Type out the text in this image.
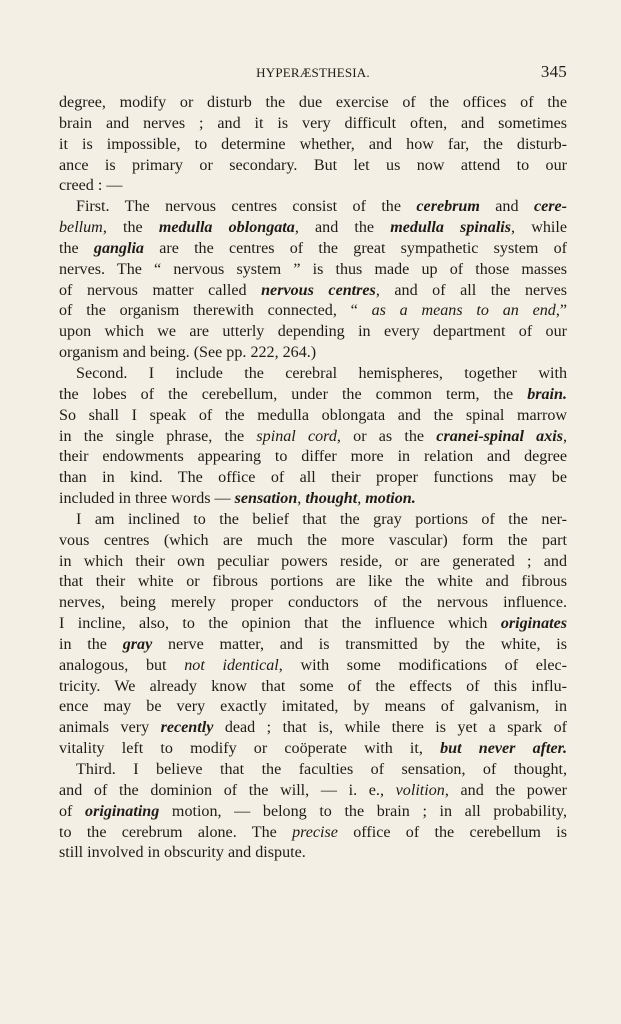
HYPERÆSTHESIA.	345
degree, modify or disturb the due exercise of the offices of the
brain and nerves ; and it is very difficult often, and sometimes
it is impossible, to determine whether, and how far, the disturb-
ance is primary or secondary. But let us now attend to our
creed : —
First. The nervous centres consist of the cerebrum and cere-
bellum, the medulla oblongata, and the medulla spinalis, while
the ganglia are the centres of the great sympathetic system of
nerves. The “ nervous system ” is thus made up of those masses
of nervous matter called nervous centres, and of all the nerves
of the organism therewith connected, “ as a means to an end,”
upon which we are utterly depending in every department of our
organism and being. (See pp. 222, 264.)
Second. I include the cerebral hemispheres, together with
the lobes of the cerebellum, under the common term, the brain.
So shall I speak of the medulla oblongata and the spinal marrow
in the single phrase, the spinal cord, or as the cranei-spinal axis,
their endowments appearing to differ more in relation and degree
than in kind. The office of all their proper functions may be
included in three words — sensation, thought, motion.
I am inclined to the belief that the gray portions of the ner-
vous centres (which are much the more vascular) form the part
in which their own peculiar powers reside, or are generated ; and
that their white or fibrous portions are like the white and fibrous
nerves, being merely proper conductors of the nervous influence.
I incline, also, to the opinion that the influence which originates
in the gray nerve matter, and is transmitted by the white, is
analogous, but not identical, with some modifications of elec-
tricity. We already know that some of the effects of this influ-
ence may be very exactly imitated, by means of galvanism, in
animals very recently dead ; that is, while there is yet a spark of
vitality left to modify or coöperate with it, but never after.
Third. I believe that the faculties of sensation, of thought,
and of the dominion of the will, — i. e., volition, and the power
of originating motion, — belong to the brain ; in all probability,
to the cerebrum alone. The precise office of the cerebellum is
still involved in obscurity and dispute.
